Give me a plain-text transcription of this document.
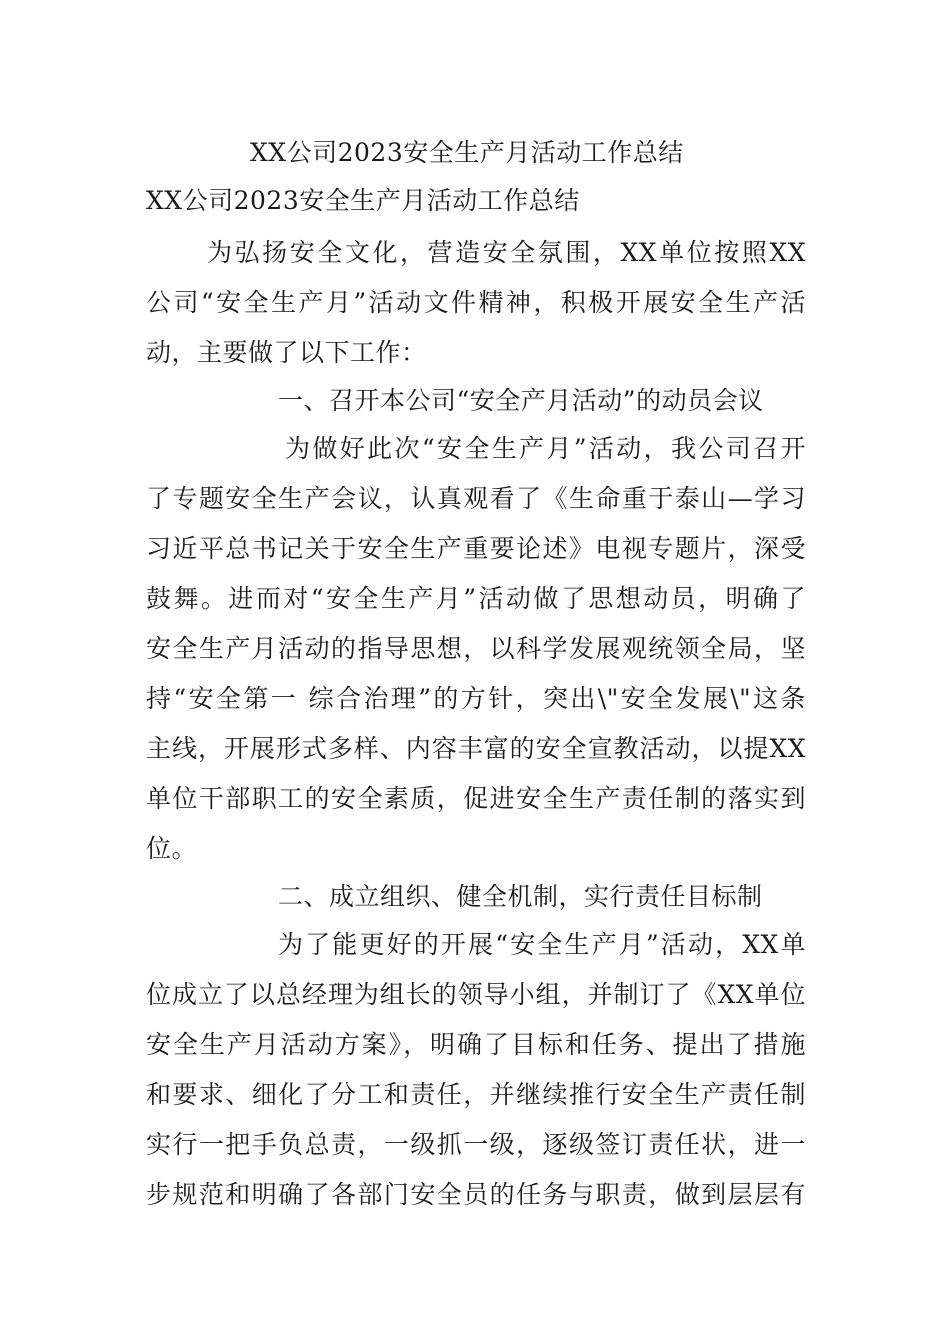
XX公司2023安全生产月活动工作总结
XX公司2023安全生产月活动工作总结
为弘扬安全文化，营造安全氛围，XX单位按照XX
公司“安全生产月”活动文件精神，积极开展安全生产活
动，主要做了以下工作：
一、召开本公司“安全产月活动”的动员会议
为做好此次“安全生产月”活动，我公司召开
了专题安全生产会议，认真观看了《生命重于泰山—学习
习近平总书记关于安全生产重要论述》电视专题片，深受
鼓舞。进而对“安全生产月”活动做了思想动员，明确了
安全生产月活动的指导思想，以科学发展观统领全局，坚
持“安全第一 综合治理”的方针，突出\"安全发展\"这条
主线，开展形式多样、内容丰富的安全宣教活动，以提XX
单位干部职工的安全素质，促进安全生产责任制的落实到
位。
二、成立组织、健全机制，实行责任目标制
为了能更好的开展“安全生产月”活动，XX单
位成立了以总经理为组长的领导小组，并制订了《XX单位
安全生产月活动方案》，明确了目标和任务、提出了措施
和要求、细化了分工和责任，并继续推行安全生产责任制
实行一把手负总责，一级抓一级，逐级签订责任状，进一
步规范和明确了各部门安全员的任务与职责，做到层层有
